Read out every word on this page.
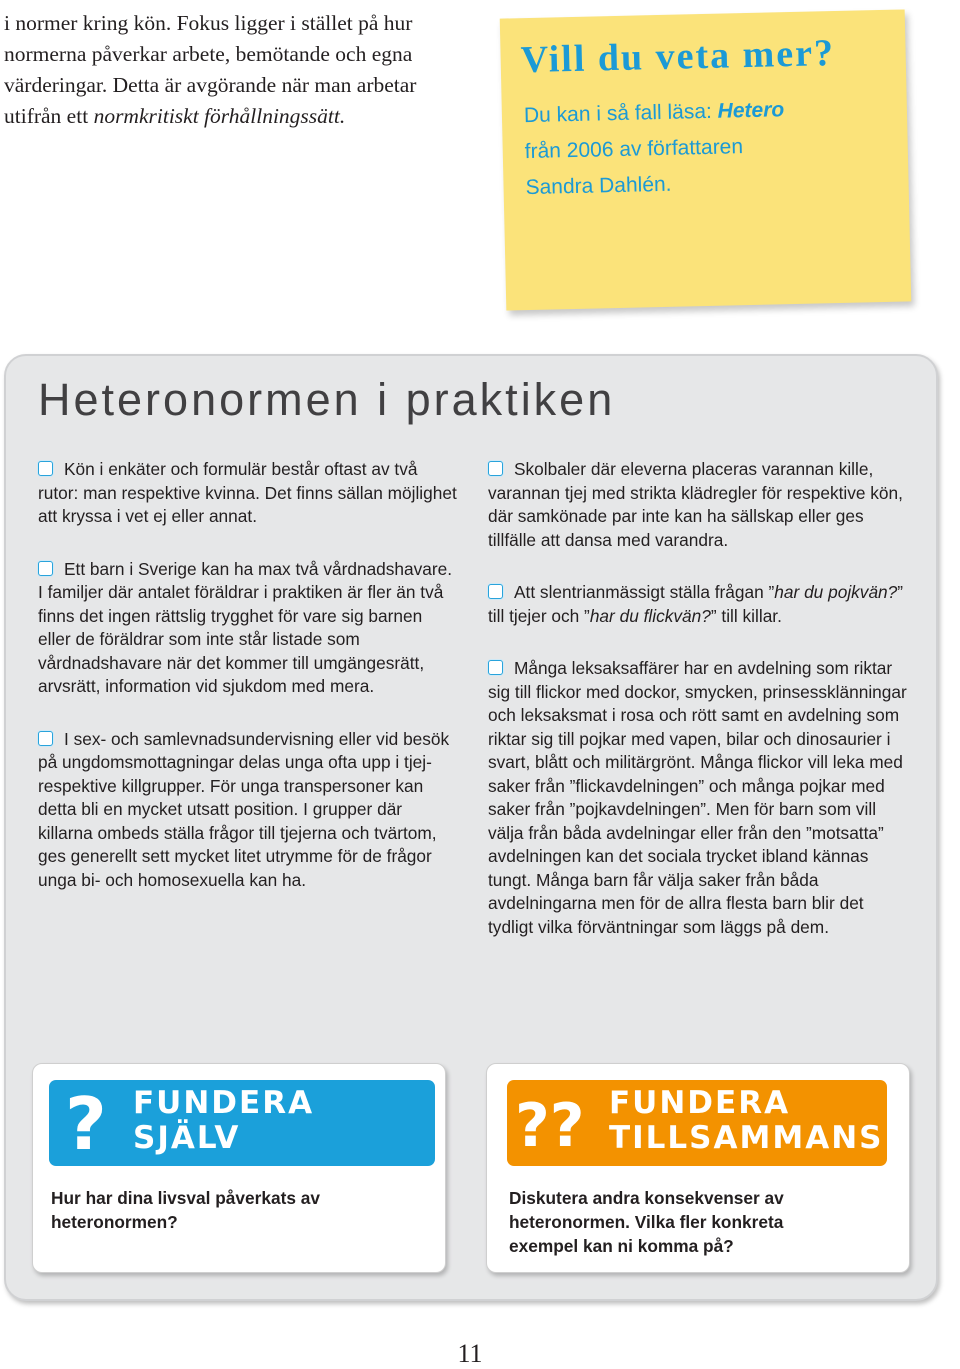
i normer kring kön. Fokus ligger i stället på hur
normerna påverkar arbete, bemötande och egna
värderingar. Detta är avgörande när man arbetar
utifrån ett normkritiskt förhållningssätt.
Vill du veta mer?
Du kan i så fall läsa: Hetero
från 2006 av författaren
Sandra Dahlén.
Heteronormen i praktiken

Kön i enkäter och formulär består oftast av två rutor: man respektive kvinna. Det finns sällan möjlighet att kryssa i vet ej eller annat.

Ett barn i Sverige kan ha max två vårdnadshavare. I familjer där antalet föräldrar i praktiken är fler än två finns det ingen rättslig trygghet för vare sig barnen eller de föräldrar som inte står listade som vårdnadshavare när det kommer till umgängesrätt, arvsrätt, information vid sjukdom med mera.

I sex- och samlevnadsundervisning eller vid besök på ungdomsmottagningar delas unga ofta upp i tjej- respektive killgrupper. För unga transpersoner kan detta bli en mycket utsatt position. I grupper där killarna ombeds ställa frågor till tjejerna och tvärtom, ges generellt sett mycket litet utrymme för de frågor unga bi- och homosexuella kan ha.

Skolbaler där eleverna placeras varannan kille, varannan tjej med strikta klädregler för respektive kön, där samkönade par inte kan ha sällskap eller ges tillfälle att dansa med varandra.

Att slentrianmässigt ställa frågan ”har du pojkvän?” till tjejer och ”har du flickvän?” till killar.

Många leksaksaffärer har en avdelning som riktar sig till flickor med dockor, smycken, prinsessklänningar och leksaksmat i rosa och rött samt en avdelning som riktar sig till pojkar med vapen, bilar och dinosaurier i svart, blått och militärgrönt. Många flickor vill leka med saker från ”flickavdelningen” och många pojkar med saker från ”pojkavdelningen”. Men för barn som vill välja från båda avdelningar eller från den ”motsatta” avdelningen kan det sociala trycket ibland kännas tungt. Många barn får välja saker från båda avdelningarna men för de allra flesta barn blir det tydligt vilka förväntningar som läggs på dem.

? FUNDERA
SJÄLV
Hur har dina livsval påverkats av heteronormen?
?? FUNDERA
TILLSAMMANS
Diskutera andra konsekvenser av heteronormen. Vilka fler konkreta exempel kan ni komma på?
11
